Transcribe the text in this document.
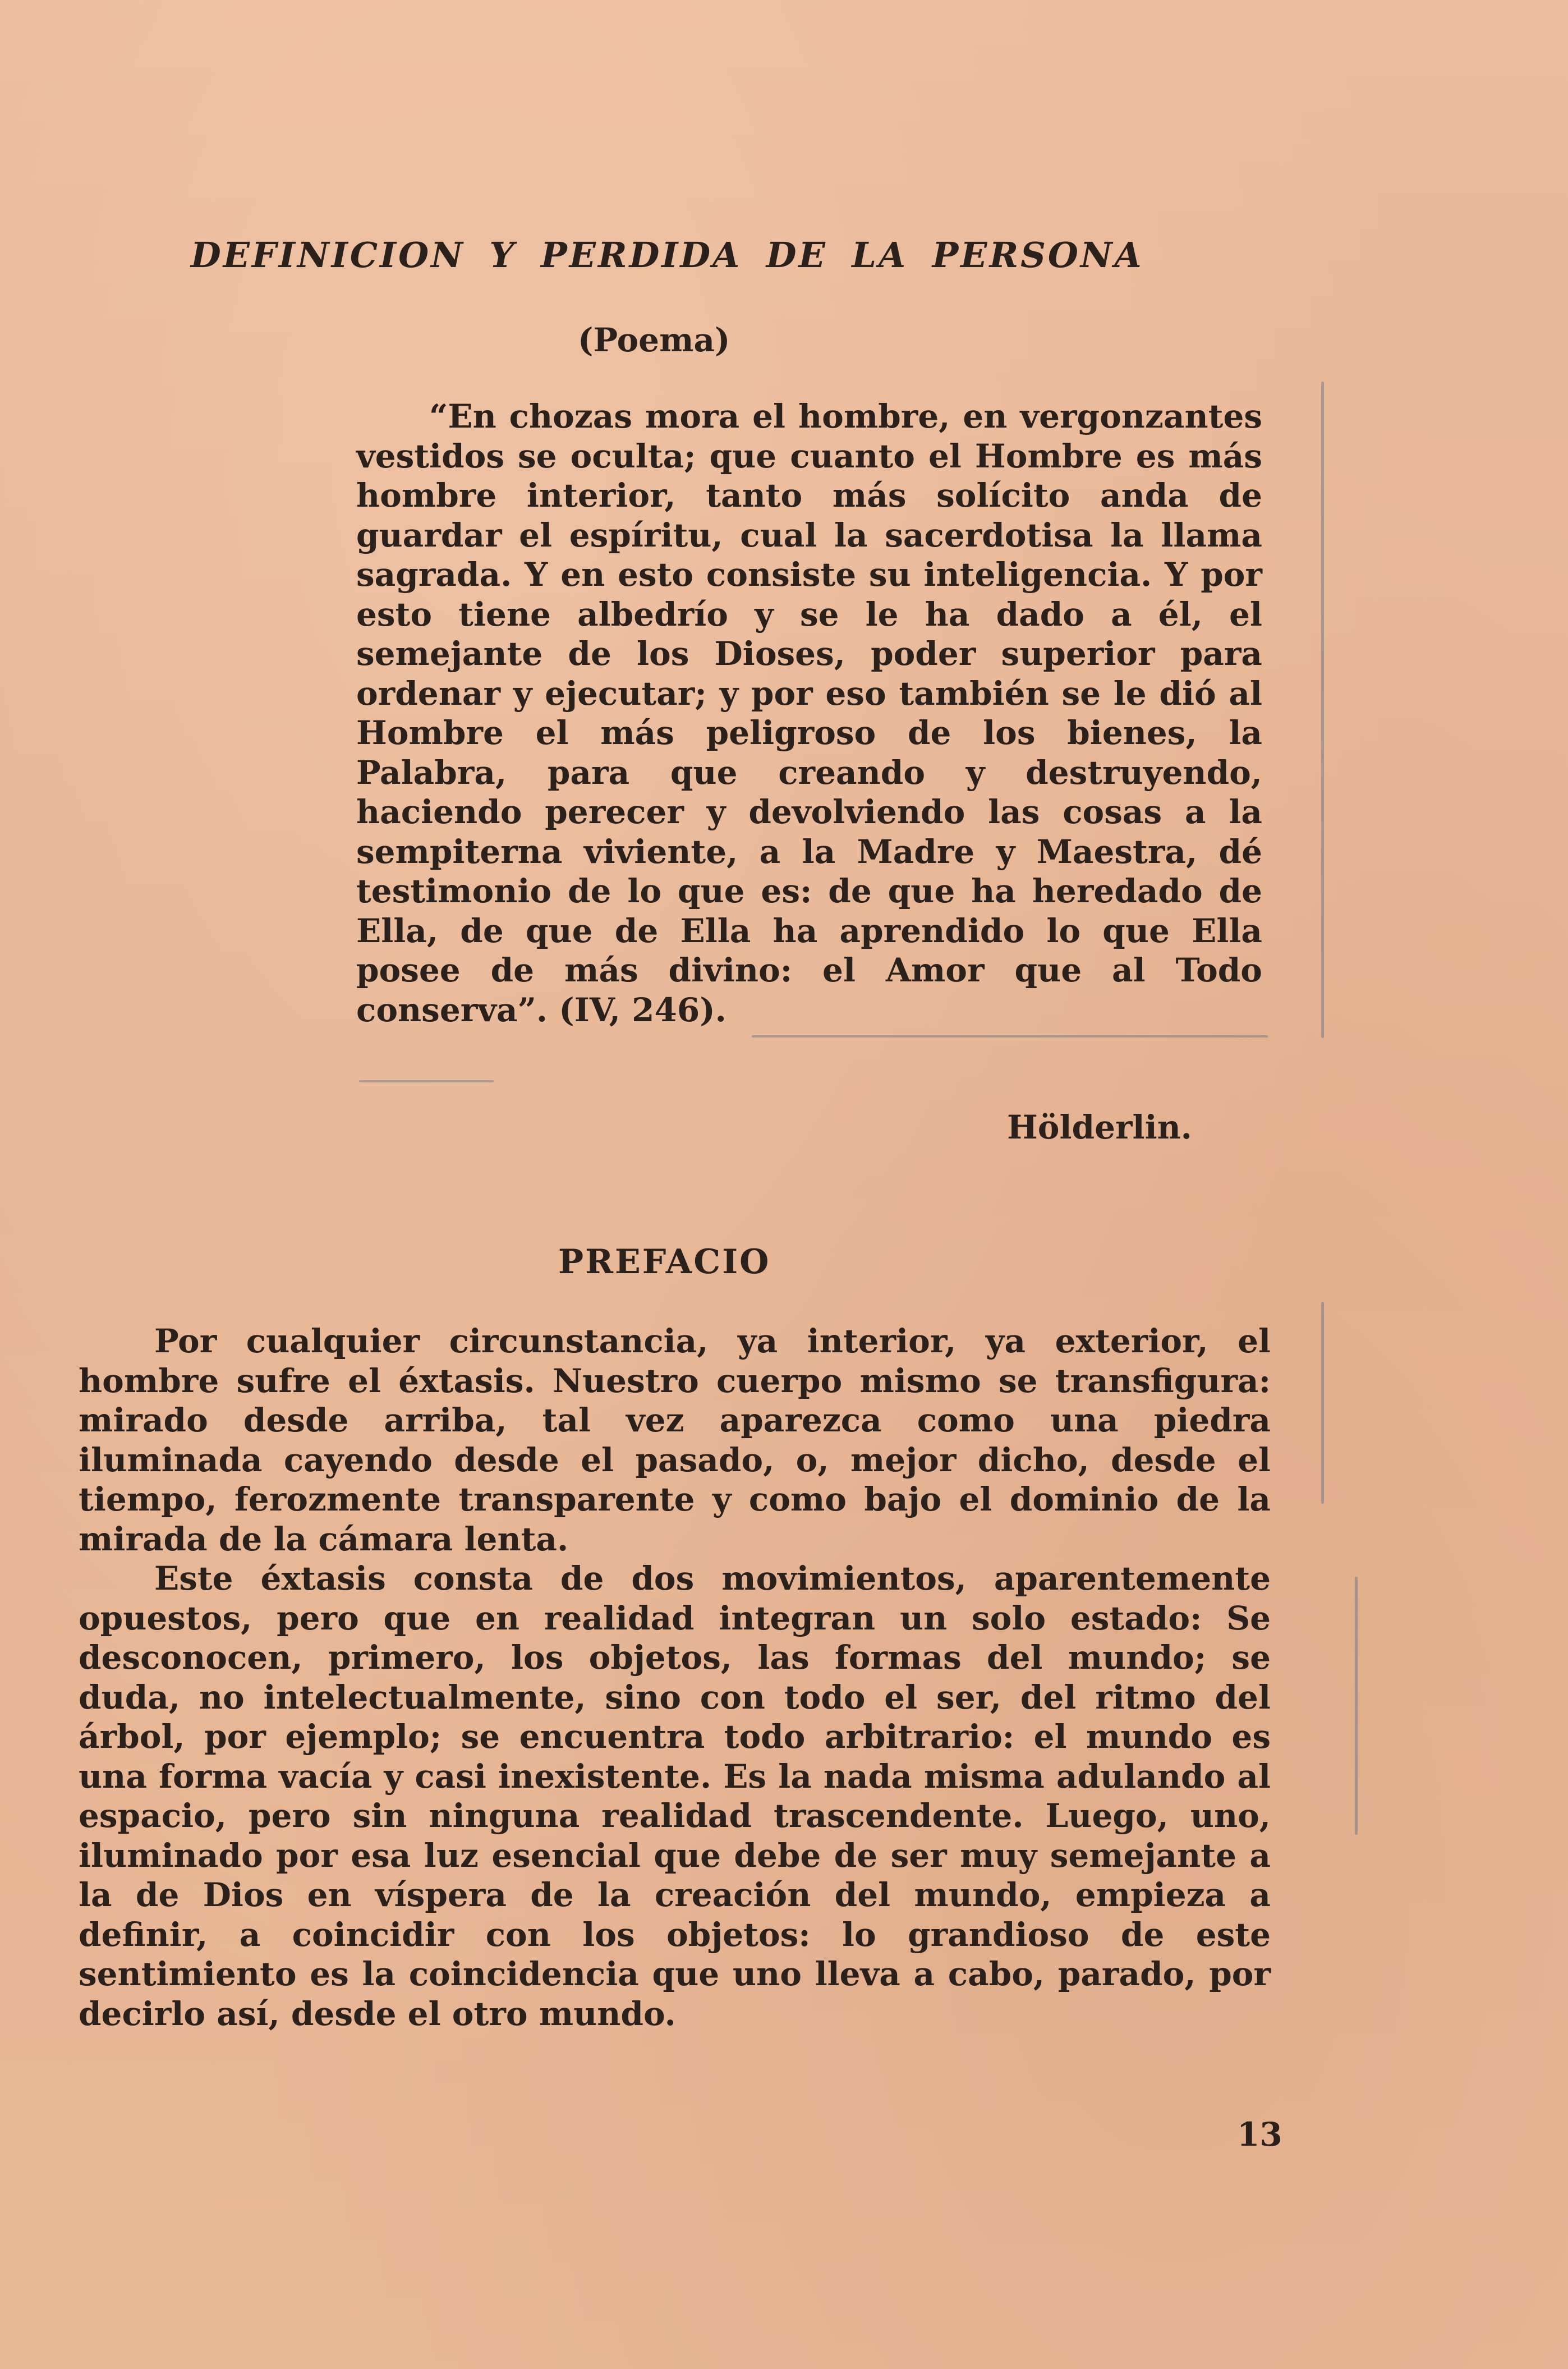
DEFINICION Y PERDIDA DE LA PERSONA
(Poema)

“En chozas mora el hombre, en vergonzantes vestidos se oculta; que cuanto el Hombre es más hombre interior, tanto más solícito anda de guardar el espíritu, cual la sacerdotisa la llama sagrada. Y en esto consiste su inteligencia. Y por esto tiene albedrío y se le ha dado a él, el semejante de los Dioses, poder superior para ordenar y ejecutar; y por eso también se le dió al Hombre el más peligroso de los bienes, la Palabra, para que creando y destruyendo, haciendo perecer y devolviendo las cosas a la sempiterna viviente, a la Madre y Maestra, dé testimonio de lo que es: de que ha heredado de Ella, de que de Ella ha aprendido lo que Ella posee de más divino: el Amor que al Todo conserva”. (IV, 246).

Hölderlin.
PREFACIO

Por cualquier circunstancia, ya interior, ya exterior, el hombre sufre el éxtasis. Nuestro cuerpo mismo se transfigura: mirado desde arriba, tal vez aparezca como una piedra iluminada cayendo desde el pasado, o, mejor dicho, desde el tiempo, ferozmente transparente y como bajo el dominio de la mirada de la cámara lenta.

Este éxtasis consta de dos movimientos, aparentemente opuestos, pero que en realidad integran un solo estado: Se desconocen, primero, los objetos, las formas del mundo; se duda, no intelectualmente, sino con todo el ser, del ritmo del árbol, por ejemplo; se encuentra todo arbitrario: el mundo es una forma vacía y casi inexistente. Es la nada misma adulando al espacio, pero sin ninguna realidad trascendente. Luego, uno, iluminado por esa luz esencial que debe de ser muy semejante a la de Dios en víspera de la creación del mundo, empieza a definir, a coincidir con los objetos: lo grandioso de este sentimiento es la coincidencia que uno lleva a cabo, parado, por decirlo así, desde el otro mundo.

13
